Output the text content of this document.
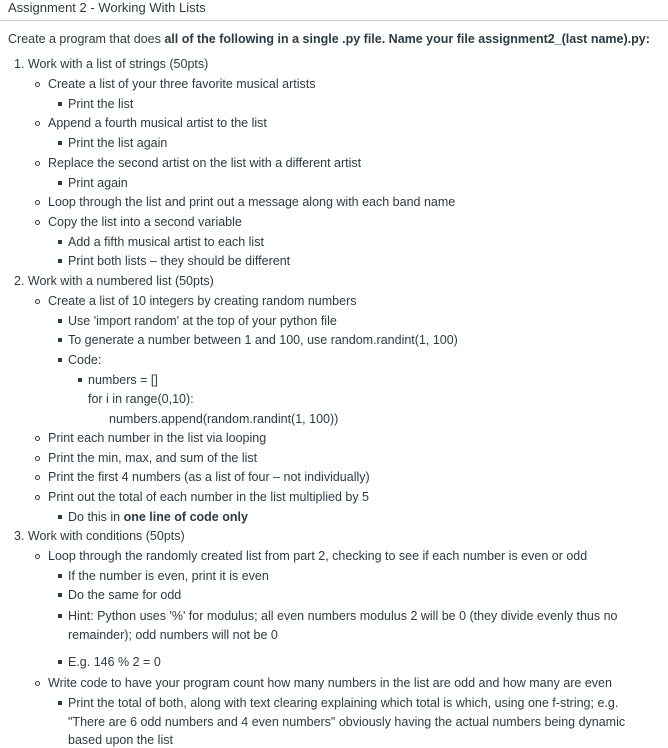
Assignment 2 - Working With Lists
Create a program that does all of the following in a single .py file. Name your file assignment2_(last name).py:
1. Work with a list of strings (50pts)
Create a list of your three favorite musical artists
Print the list
Append a fourth musical artist to the list
Print the list again
Replace the second artist on the list with a different artist
Print again
Loop through the list and print out a message along with each band name
Copy the list into a second variable
Add a fifth musical artist to each list
Print both lists – they should be different
2. Work with a numbered list (50pts)
Create a list of 10 integers by creating random numbers
Use 'import random' at the top of your python file
To generate a number between 1 and 100, use random.randint(1, 100)
Code:
numbers = []
for i in range(0,10):
numbers.append(random.randint(1, 100))
Print each number in the list via looping
Print the min, max, and sum of the list
Print the first 4 numbers (as a list of four – not individually)
Print out the total of each number in the list multiplied by 5
Do this in one line of code only
3. Work with conditions (50pts)
Loop through the randomly created list from part 2, checking to see if each number is even or odd
If the number is even, print it is even
Do the same for odd
Hint: Python uses '%' for modulus; all even numbers modulus 2 will be 0 (they divide evenly thus no
remainder); odd numbers will not be 0
E.g. 146 % 2 = 0
Write code to have your program count how many numbers in the list are odd and how many are even
Print the total of both, along with text clearing explaining which total is which, using one f-string; e.g.
"There are 6 odd numbers and 4 even numbers" obviously having the actual numbers being dynamic
based upon the list
